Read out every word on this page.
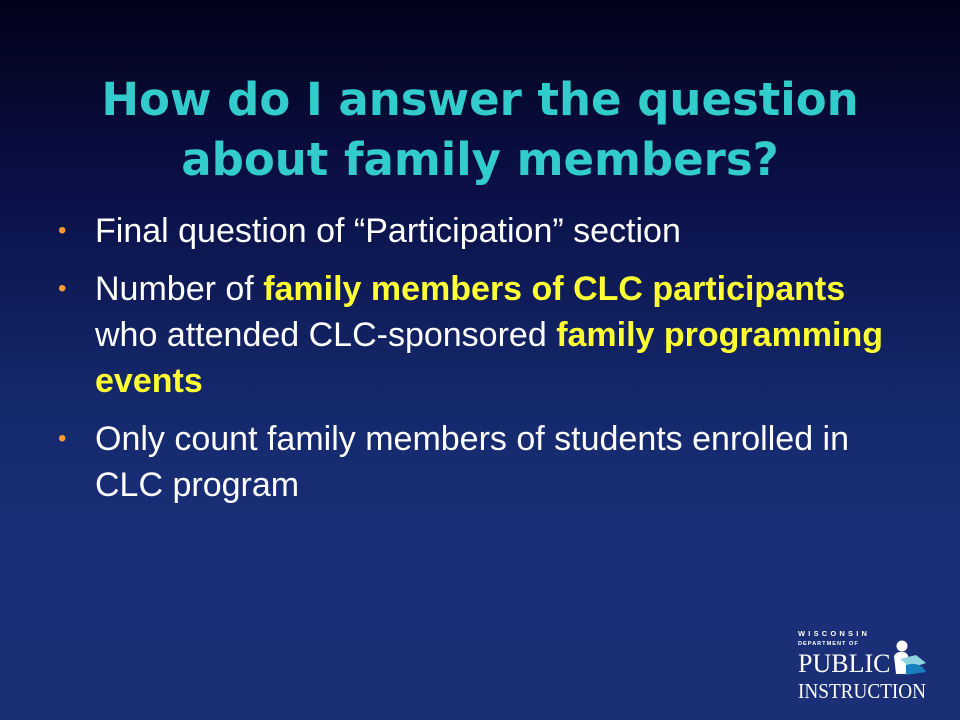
How do I answer the question
about family members?
• Final question of “Participation” section
• Number of family members of CLC participants who attended CLC-sponsored family programming events
• Only count family members of students enrolled in CLC program
WISCONSIN
DEPARTMENT OF
PUBLIC
INSTRUCTION
